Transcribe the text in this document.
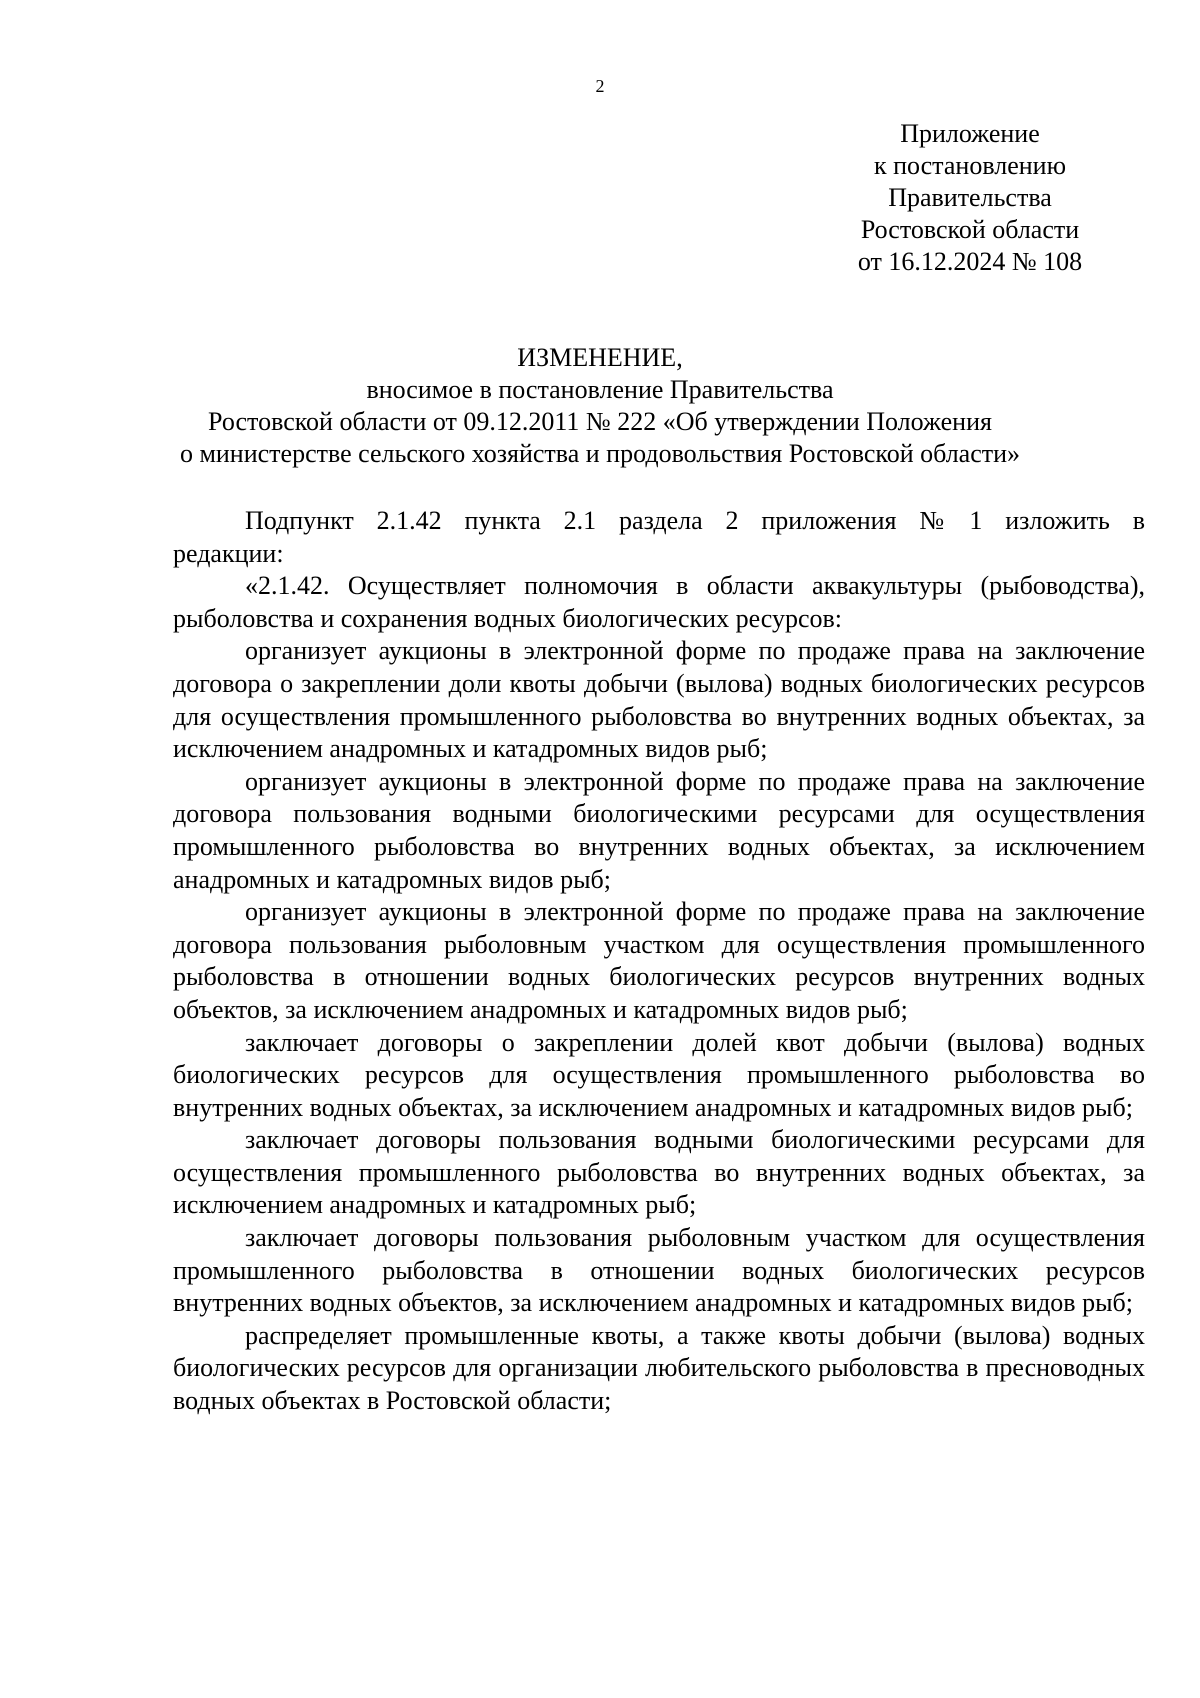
2
Приложение
к постановлению
Правительства
Ростовской области
от 16.12.2024 № 108
ИЗМЕНЕНИЕ,
вносимое в постановление Правительства
Ростовской области от 09.12.2011 № 222 «Об утверждении Положения
о министерстве сельского хозяйства и продовольствия Ростовской области»

Подпункт 2.1.42 пункта 2.1 раздела 2 приложения № 1 изложить в редакции:

«2.1.42. Осуществляет полномочия в области аквакультуры (рыбоводства), рыболовства и сохранения водных биологических ресурсов:

организует аукционы в электронной форме по продаже права на заключение договора о закреплении доли квоты добычи (вылова) водных биологических ресурсов для осуществления промышленного рыболовства во внутренних водных объектах, за исключением анадромных и катадромных видов рыб;

организует аукционы в электронной форме по продаже права на заключение договора пользования водными биологическими ресурсами для осуществления промышленного рыболовства во внутренних водных объектах, за исключением анадромных и катадромных видов рыб;

организует аукционы в электронной форме по продаже права на заключение договора пользования рыболовным участком для осуществления промышленного рыболовства в отношении водных биологических ресурсов внутренних водных объектов, за исключением анадромных и катадромных видов рыб;

заключает договоры о закреплении долей квот добычи (вылова) водных биологических ресурсов для осуществления промышленного рыболовства во внутренних водных объектах, за исключением анадромных и катадромных видов рыб;

заключает договоры пользования водными биологическими ресурсами для осуществления промышленного рыболовства во внутренних водных объектах, за исключением анадромных и катадромных рыб;

заключает договоры пользования рыболовным участком для осуществления промышленного рыболовства в отношении водных биологических ресурсов внутренних водных объектов, за исключением анадромных и катадромных видов рыб;

распределяет промышленные квоты, а также квоты добычи (вылова) водных биологических ресурсов для организации любительского рыболовства в пресноводных водных объектах в Ростовской области;
